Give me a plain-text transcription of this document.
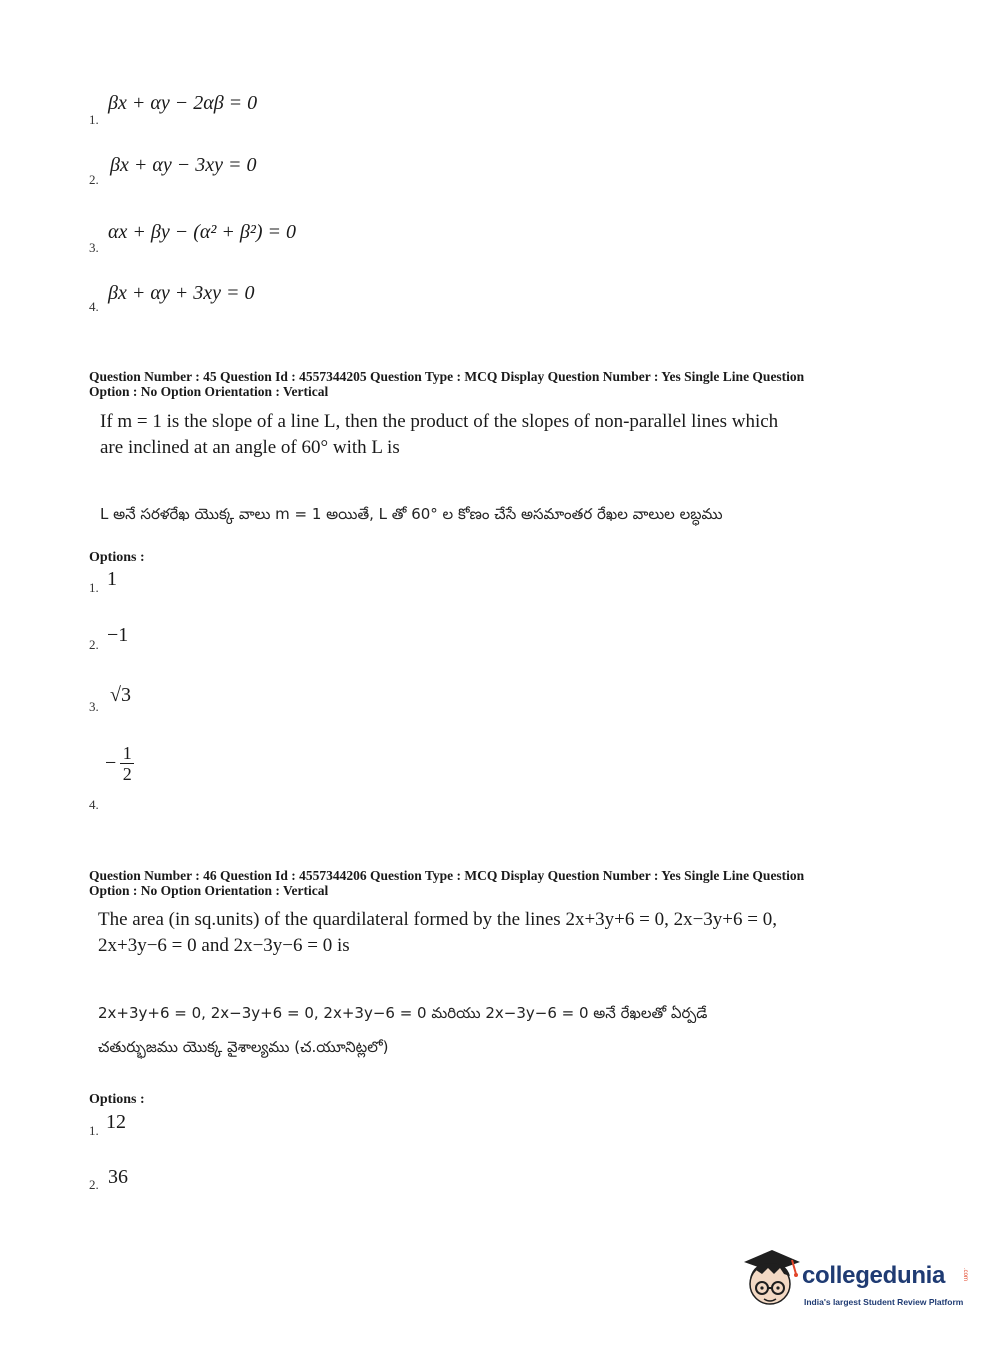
1.
βx + αy − 2αβ = 0
2.
βx + αy − 3xy = 0
3.
αx + βy − (α² + β²) = 0
4.
βx + αy + 3xy = 0
Question Number : 45 Question Id : 4557344205 Question Type : MCQ Display Question Number : Yes Single Line Question
Option : No Option Orientation : Vertical
If m = 1 is the slope of a line L, then the product of the slopes of non-parallel lines which
are inclined at an angle of 60° with L is
L అనే సరళరేఖ యొక్క వాలు m = 1 అయితే, L తో 60° ల కోణం చేసే అసమాంతర రేఖల వాలుల లబ్ధము
Options :
1. 1
2. −1
3.
√3
− $\frac{1}{2}$
4.
Question Number : 46 Question Id : 4557344206 Question Type : MCQ Display Question Number : Yes Single Line Question
Option : No Option Orientation : Vertical
The area (in sq.units) of the quardilateral formed by the lines 2x+3y+6 = 0, 2x−3y+6 = 0,
2x+3y−6 = 0 and 2x−3y−6 = 0 is
2x+3y+6 = 0, 2x−3y+6 = 0, 2x+3y−6 = 0 మరియు 2x−3y−6 = 0 అనే రేఖలతో ఏర్పడే
చతుర్భుజము యొక్క వైశాల్యము (చ.యూనిట్లలో)
Options :
1. 12
2. 36
collegedunia	.com
India's largest Student Review Platform
